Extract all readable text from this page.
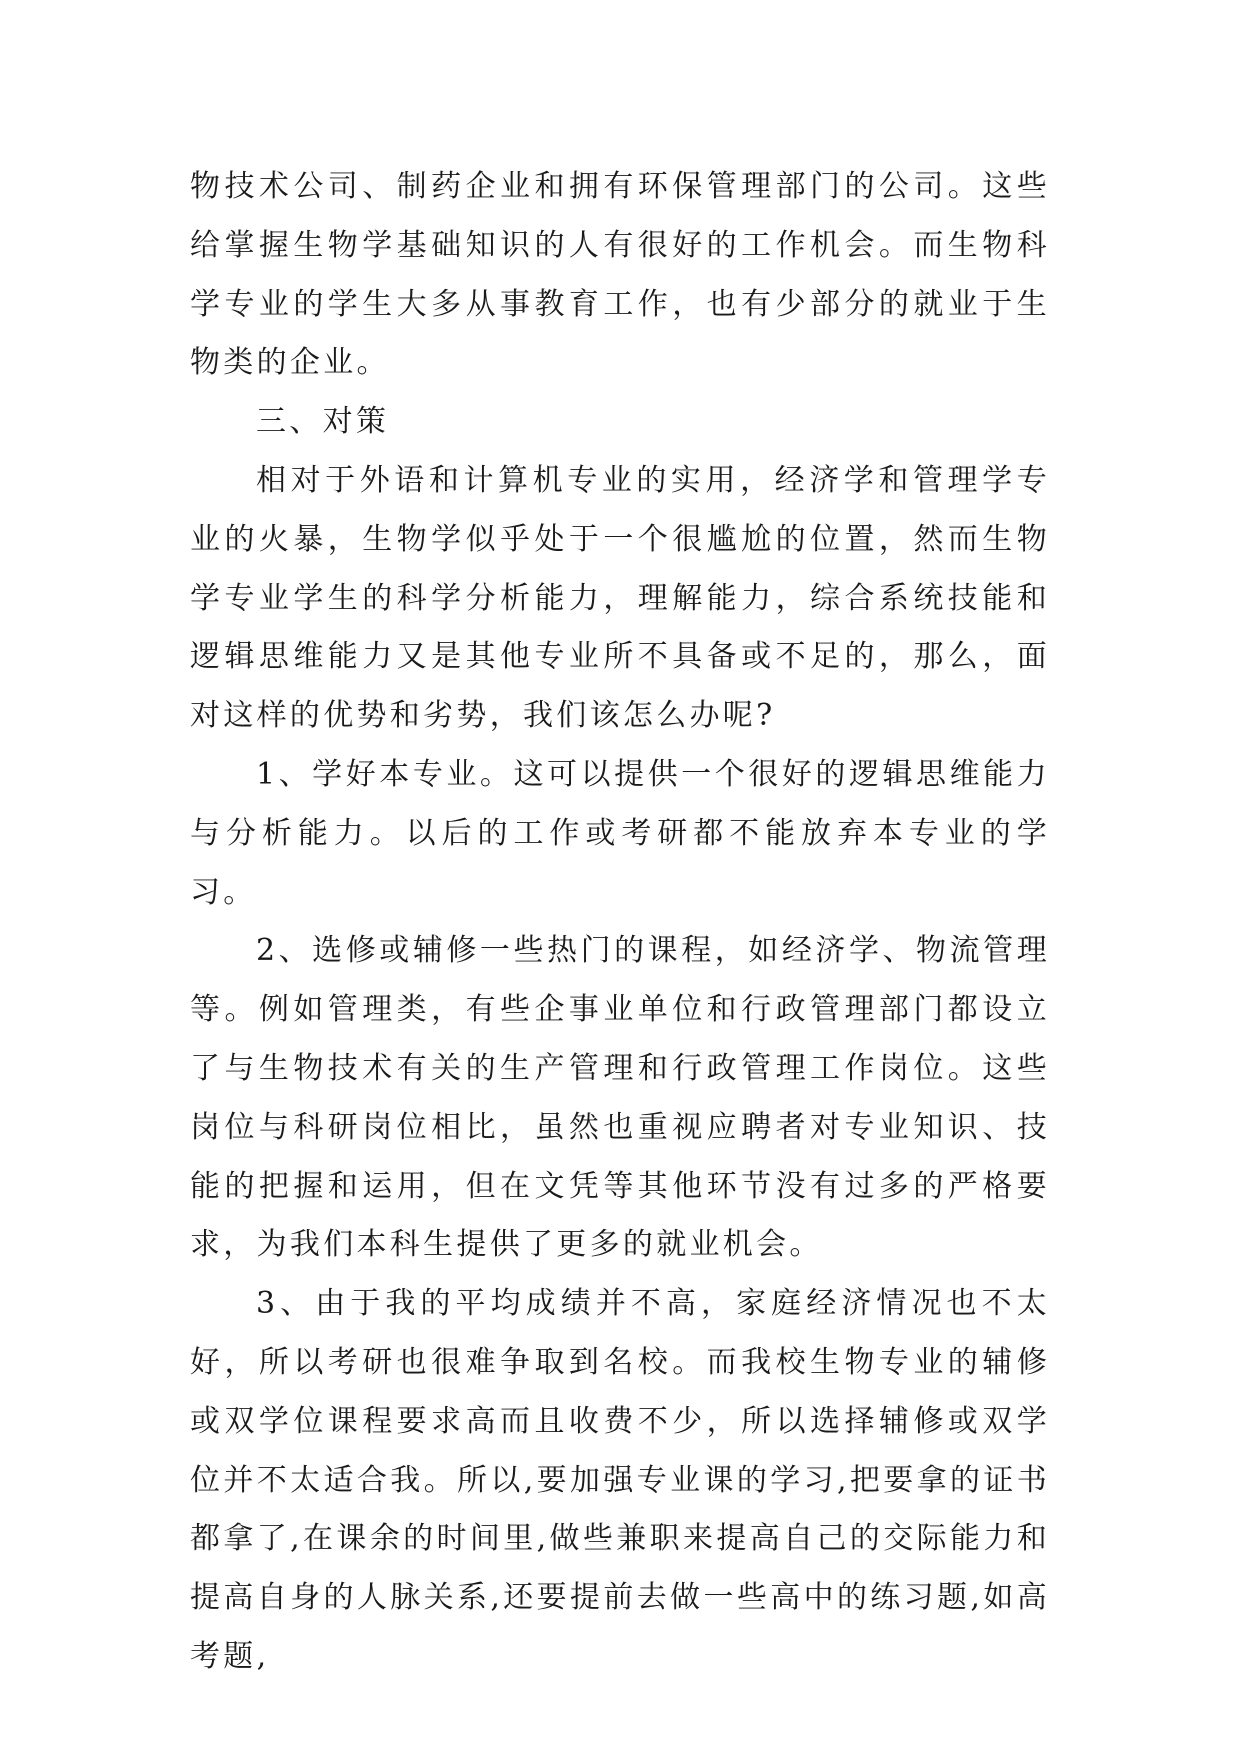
物技术公司、制药企业和拥有环保管理部门的公司。这些给掌握生物学基础知识的人有很好的工作机会。而生物科学专业的学生大多从事教育工作，也有少部分的就业于生物类的企业。

三、对策

相对于外语和计算机专业的实用，经济学和管理学专业的火暴，生物学似乎处于一个很尴尬的位置，然而生物学专业学生的科学分析能力，理解能力，综合系统技能和逻辑思维能力又是其他专业所不具备或不足的，那么，面对这样的优势和劣势，我们该怎么办呢?

1、学好本专业。这可以提供一个很好的逻辑思维能力与分析能力。以后的工作或考研都不能放弃本专业的学习。

2、选修或辅修一些热门的课程，如经济学、物流管理等。例如管理类，有些企事业单位和行政管理部门都设立了与生物技术有关的生产管理和行政管理工作岗位。这些岗位与科研岗位相比，虽然也重视应聘者对专业知识、技能的把握和运用，但在文凭等其他环节没有过多的严格要求，为我们本科生提供了更多的就业机会。

3、由于我的平均成绩并不高，家庭经济情况也不太好，所以考研也很难争取到名校。而我校生物专业的辅修或双学位课程要求高而且收费不少，所以选择辅修或双学位并不太适合我。所以,要加强专业课的学习,把要拿的证书都拿了,在课余的时间里,做些兼职来提高自己的交际能力和提高自身的人脉关系,还要提前去做一些高中的练习题,如高考题,
